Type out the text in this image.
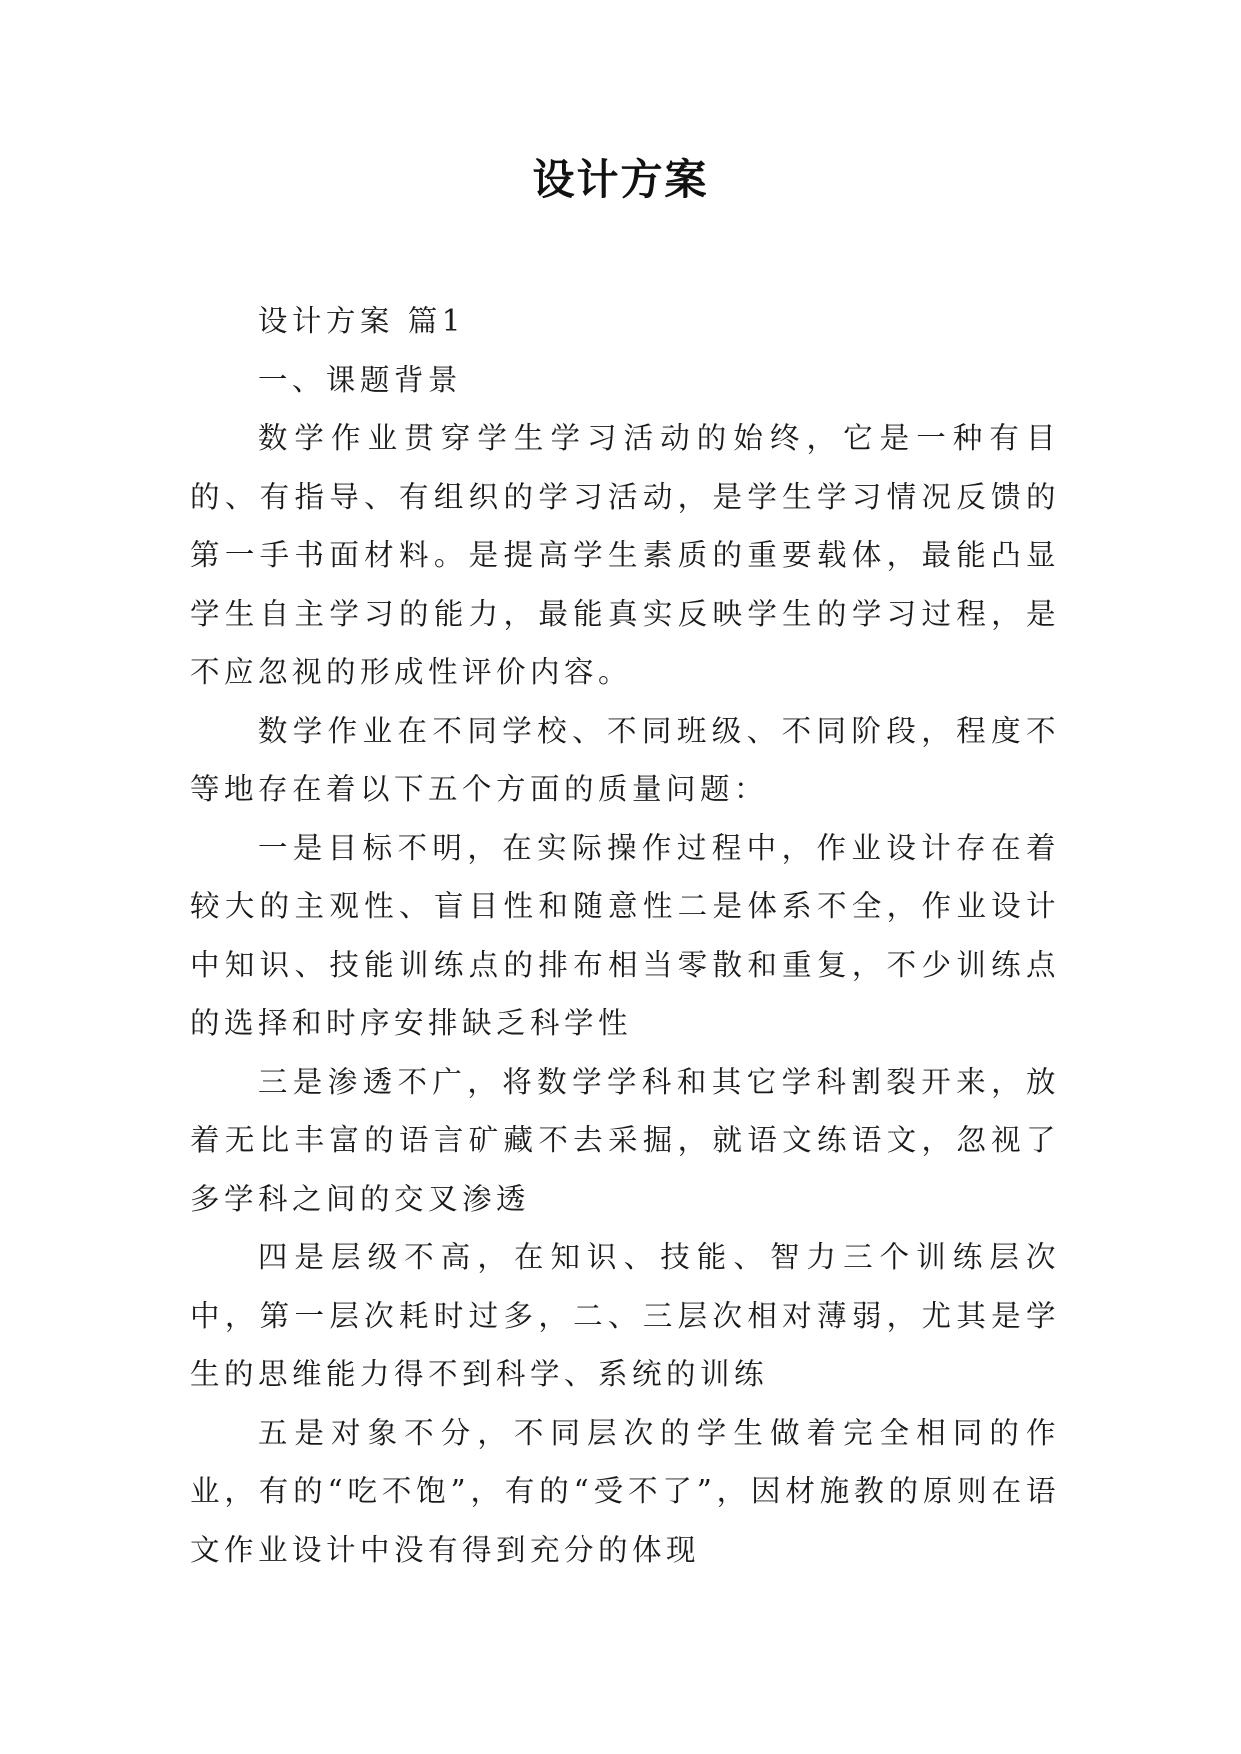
设计方案

设计方案 篇1

一、课题背景

数学作业贯穿学生学习活动的始终，它是一种有目的、有指导、有组织的学习活动，是学生学习情况反馈的第一手书面材料。是提高学生素质的重要载体，最能凸显学生自主学习的能力，最能真实反映学生的学习过程，是不应忽视的形成性评价内容。

数学作业在不同学校、不同班级、不同阶段，程度不等地存在着以下五个方面的质量问题：

一是目标不明，在实际操作过程中，作业设计存在着较大的主观性、盲目性和随意性二是体系不全，作业设计中知识、技能训练点的排布相当零散和重复，不少训练点的选择和时序安排缺乏科学性

三是渗透不广，将数学学科和其它学科割裂开来，放着无比丰富的语言矿藏不去采掘，就语文练语文，忽视了多学科之间的交叉渗透

四是层级不高，在知识、技能、智力三个训练层次中，第一层次耗时过多，二、三层次相对薄弱，尤其是学生的思维能力得不到科学、系统的训练

五是对象不分，不同层次的学生做着完全相同的作业，有的“吃不饱”，有的“受不了”，因材施教的原则在语文作业设计中没有得到充分的体现
